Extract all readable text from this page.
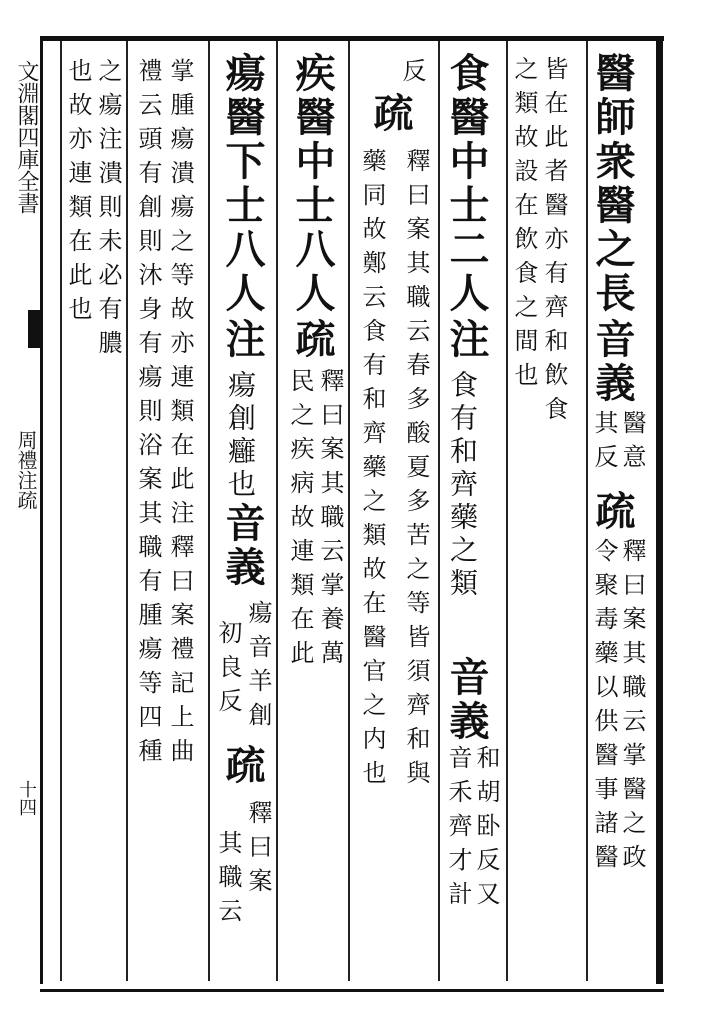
文淵閣四庫全書
周禮注疏
十四
醫師衆醫之長
音義
醫意
其反
疏
釋曰案其職云掌醫之政
令聚毒藥以供醫事諸醫
皆在此者醫亦有齊和飲食
之類故設在飲食之間也
食醫中士二人
注
食有和齊藥之類
音義
和胡卧反又
音禾齊才計
反
疏
釋曰案其職云春多酸夏多苦之等皆須齊和與
藥同故鄭云食有和齊藥之類故在醫官之内也
疾醫中士八人
疏
釋曰案其職云掌養萬
民之疾病故連類在此
瘍醫下士八人
注
瘍創癰也
音義
瘍音羊創
初良反
疏
釋曰案
其職云
掌腫瘍潰瘍之等故亦連類在此注釋曰案禮記上曲
禮云頭有創則沐身有瘍則浴案其職有腫瘍等四種
之瘍注潰則未必有膿
也故亦連類在此也
